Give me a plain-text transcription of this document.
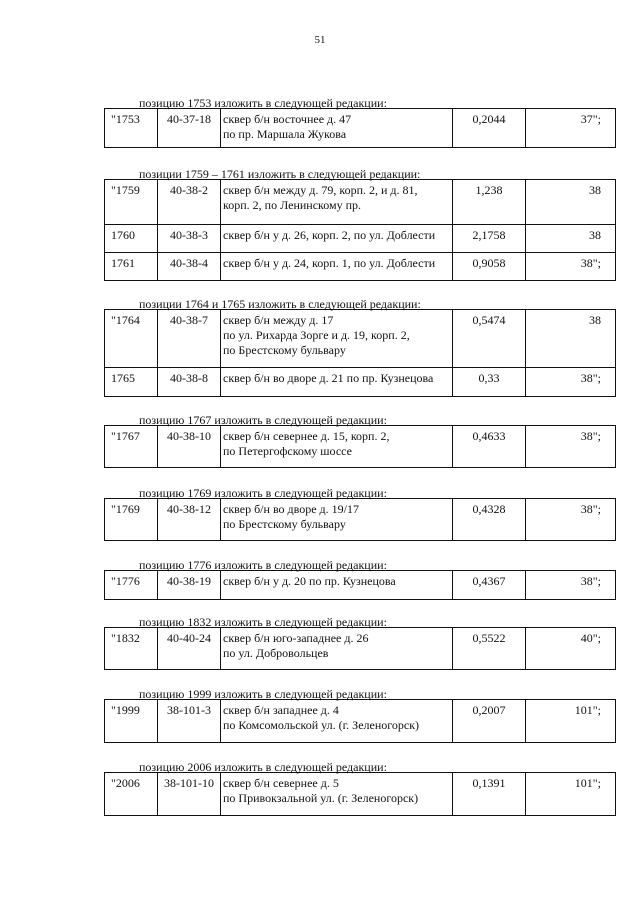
51
позицию 1753 изложить в следующей редакции:
"1753	40-37-18	сквер б/н восточнее д. 47
по пр. Маршала Жукова
	0,2044	37";
позиции 1759 – 1761 изложить в следующей редакции:
"1759	40-38-2	сквер б/н между д. 79, корп. 2, и д. 81,
корп. 2, по Ленинскому пр.	1,238	38
1760	40-38-3	сквер б/н у д. 26, корп. 2, по ул. Доблести	2,1758	38
1761	40-38-4	сквер б/н у д. 24, корп. 1, по ул. Доблести	0,9058	38";
позиции 1764 и 1765 изложить в следующей редакции:
"1764	40-38-7	сквер б/н между д. 17
по ул. Рихарда Зорге и д. 19, корп. 2,
по Брестскому бульвару	0,5474	38
1765	40-38-8	сквер б/н во дворе д. 21 по пр. Кузнецова	0,33	38";
позицию 1767 изложить в следующей редакции:
"1767	40-38-10	сквер б/н севернее д. 15, корп. 2,
по Петергофскому шоссе
	0,4633	38";
позицию 1769 изложить в следующей редакции:
"1769	40-38-12	сквер б/н во дворе д. 19/17
по Брестскому бульвару
	0,4328	38";
позицию 1776 изложить в следующей редакции:
"1776	40-38-19	сквер б/н у д. 20 по пр. Кузнецова	0,4367	38";
позицию 1832 изложить в следующей редакции:
"1832	40-40-24	сквер б/н юго-западнее д. 26
по ул. Добровольцев
	0,5522	40";
позицию 1999 изложить в следующей редакции:
"1999	38-101-3	сквер б/н западнее д. 4
по Комсомольской ул. (г. Зеленогорск)
	0,2007	101";
позицию 2006 изложить в следующей редакции:
"2006	38-101-10	сквер б/н севернее д. 5
по Привокзальной ул. (г. Зеленогорск)
	0,1391	101";
